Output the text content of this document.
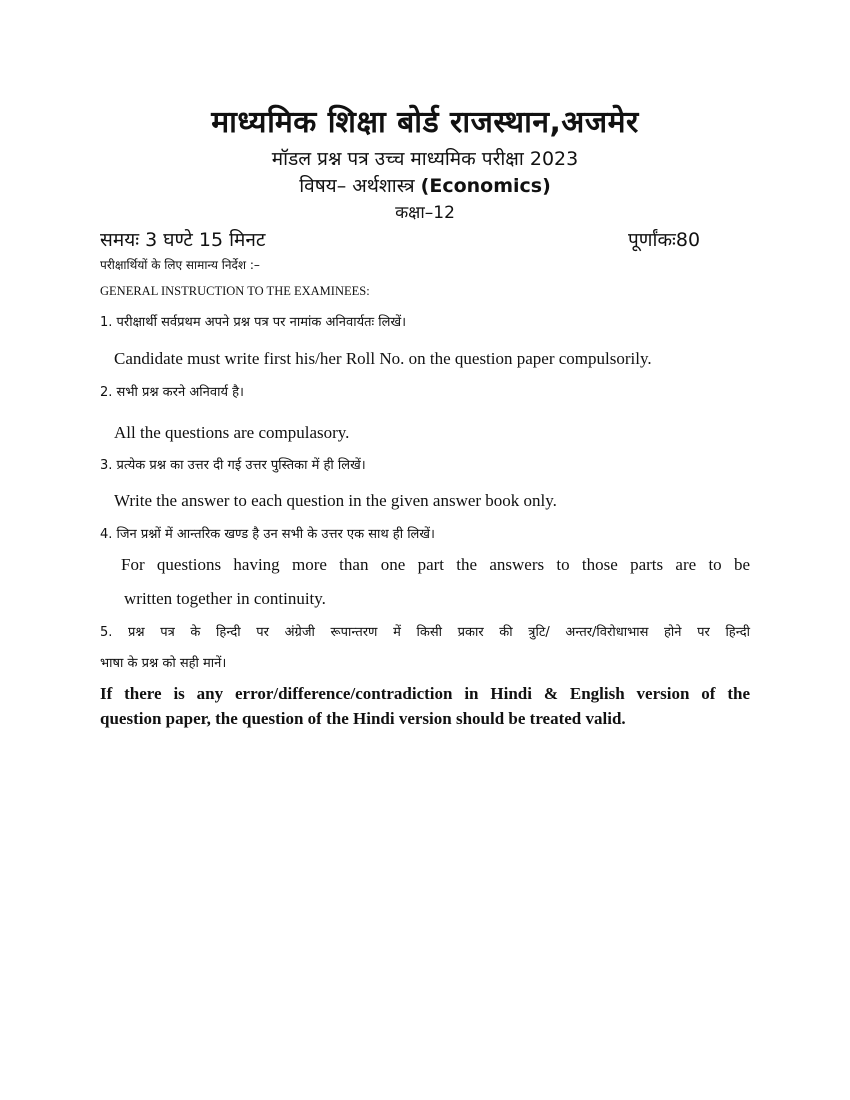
माध्यमिक शिक्षा बोर्ड राजस्थान,अजमेर
मॉडल प्रश्न पत्र उच्च माध्यमिक परीक्षा 2023
विषय– अर्थशास्त्र (Economics)
कक्षा–12
समयः 3 घण्टे 15 मिनट	पूर्णांकः80
परीक्षार्थियों के लिए सामान्य निर्देश :–
GENERAL INSTRUCTION TO THE EXAMINEES:
1. परीक्षार्थी सर्वप्रथम अपने प्रश्न पत्र पर नामांक अनिवार्यतः लिखें।
Candidate must write first his/her Roll No. on the question paper compulsorily.
2. सभी प्रश्न करने अनिवार्य है।
All the questions are compulasory.
3. प्रत्येक प्रश्न का उत्तर दी गई उत्तर पुस्तिका में ही लिखें।
Write the answer to each question in the given answer book only.
4. जिन प्रश्नों में आन्तरिक खण्ड है उन सभी के उत्तर एक साथ ही लिखें।
For questions having more than one part the answers to those parts are to be
written together in continuity.
5. प्रश्न पत्र के हिन्दी पर अंग्रेजी रूपान्तरण में किसी प्रकार की त्रुटि/ अन्तर/विरोधाभास होने पर हिन्दी
भाषा के प्रश्न को सही मानें।
If there is any error/difference/contradiction in Hindi & English version of the
question paper, the question of the Hindi version should be treated valid.
